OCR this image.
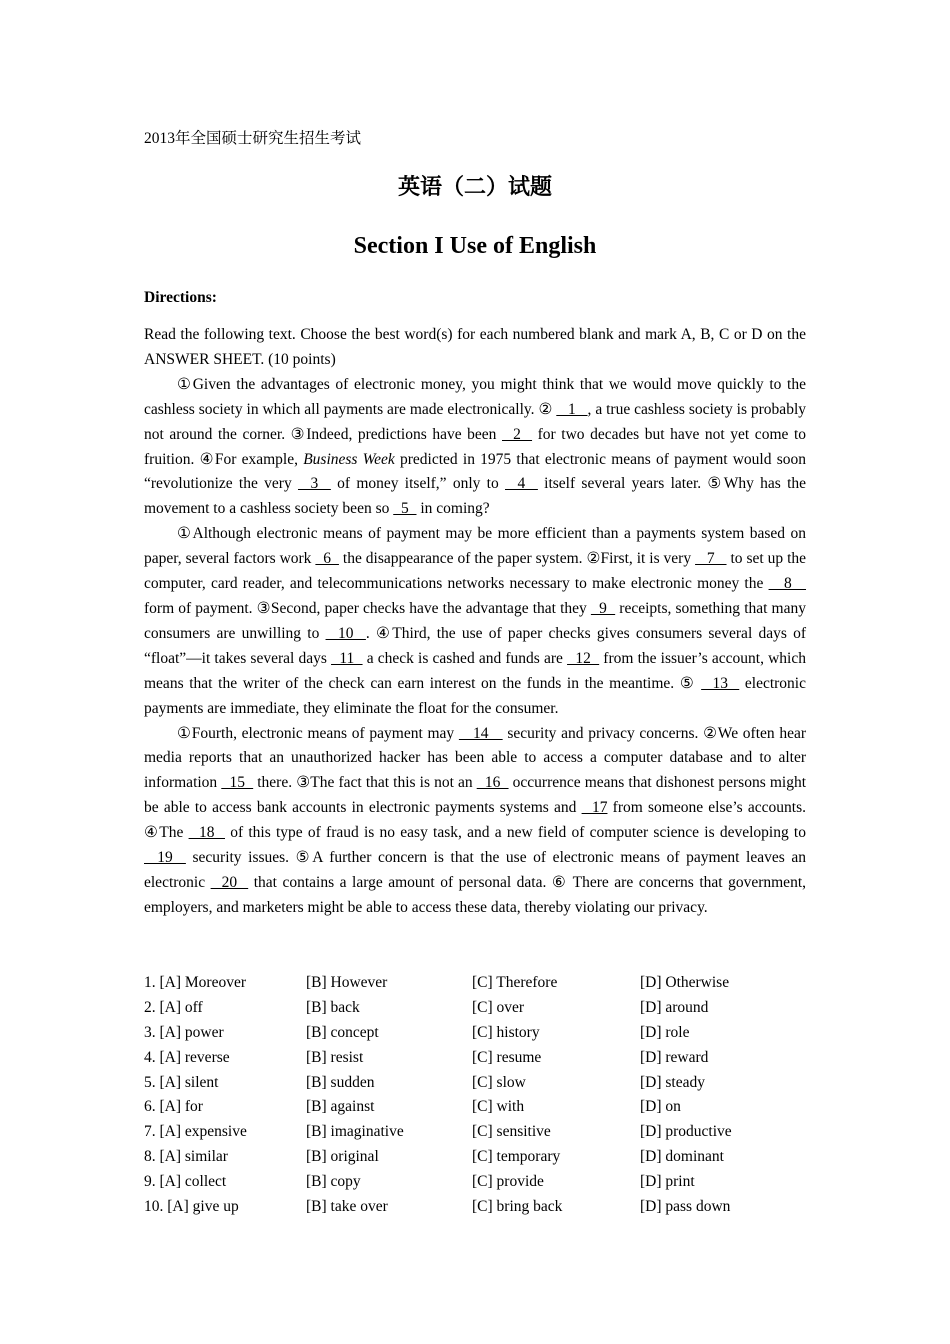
2013年全国硕士研究生招生考试
英语（二）试题
Section I Use of English
Directions:

Read the following text. Choose the best word(s) for each numbered blank and mark A, B, C or D on the ANSWER SHEET. (10 points)

①Given the advantages of electronic money, you might think that we would move quickly to the cashless society in which all payments are made electronically. ②    1   , a true cashless society is probably not around the corner. ③Indeed, predictions have been   2   for two decades but have not yet come to fruition. ④For example, Business Week predicted in 1975 that electronic means of payment would soon “revolutionize the very   3   of money itself,” only to   4   itself several years later. ⑤Why has the movement to a cashless society been so   5   in coming?

①Although electronic means of payment may be more efficient than a payments system based on paper, several factors work   6   the disappearance of the paper system. ②First, it is very    7    to set up the computer, card reader, and telecommunications networks necessary to make electronic money the    8    form of payment. ③Second, paper checks have the advantage that they   9   receipts, something that many consumers are unwilling to   10  . ④Third, the use of paper checks gives consumers several days of “float”—it takes several days   11   a check is cashed and funds are   12   from the issuer’s account, which means that the writer of the check can earn interest on the funds in the meantime. ⑤   13   electronic payments are immediate, they eliminate the float for the consumer.

①Fourth, electronic means of payment may    14    security and privacy concerns. ②We often hear media reports that an unauthorized hacker has been able to access a computer database and to alter information   15   there. ③The fact that this is not an   16   occurrence means that dishonest persons might be able to access bank accounts in electronic payments systems and   17 from someone else’s accounts. ④The   18   of this type of fraud is no easy task, and a new field of computer science is developing to   19   security issues. ⑤A further concern is that the use of electronic means of payment leaves an electronic   20   that contains a large amount of personal data. ⑥ There are concerns that government, employers, and marketers might be able to access these data, thereby violating our privacy.

1. [A] Moreover	[B] However	[C] Therefore	[D] Otherwise
2. [A] off	[B] back	[C] over	[D] around
3. [A] power	[B] concept	[C] history	[D] role
4. [A] reverse	[B] resist	[C] resume	[D] reward
5. [A] silent	[B] sudden	[C] slow	[D] steady
6. [A] for	[B] against	[C] with	[D] on
7. [A] expensive	[B] imaginative	[C] sensitive	[D] productive
8. [A] similar	[B] original	[C] temporary	[D] dominant
9. [A] collect	[B] copy	[C] provide	[D] print
10. [A] give up	[B] take over	[C] bring back	[D] pass down
